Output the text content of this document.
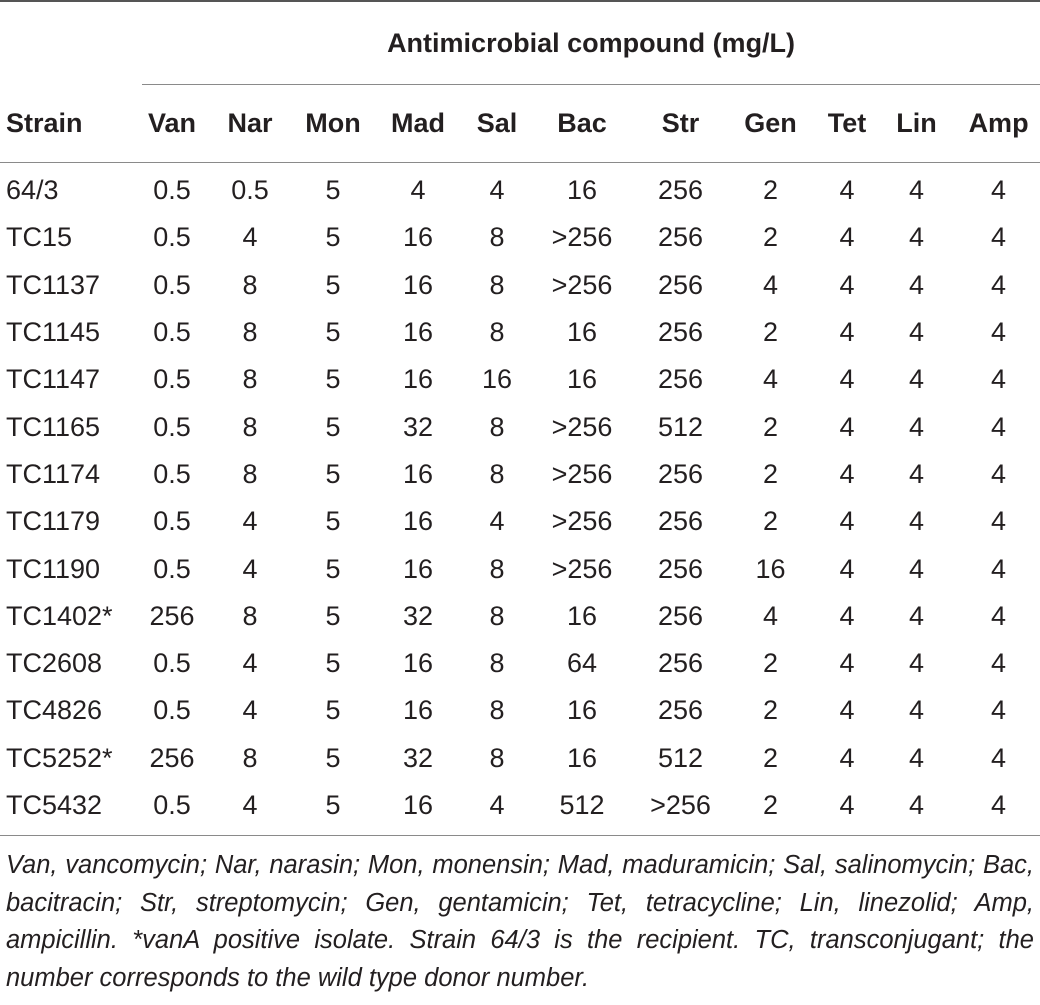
	Antimicrobial compound (mg/L)										
Strain	Van	Nar	Mon	Mad	Sal	Bac	Str	Gen	Tet	Lin	Amp
64/3	0.5	0.5	5	4	4	16	256	2	4	4	4
TC15	0.5	4	5	16	8	>256	256	2	4	4	4
TC1137	0.5	8	5	16	8	>256	256	4	4	4	4
TC1145	0.5	8	5	16	8	16	256	2	4	4	4
TC1147	0.5	8	5	16	16	16	256	4	4	4	4
TC1165	0.5	8	5	32	8	>256	512	2	4	4	4
TC1174	0.5	8	5	16	8	>256	256	2	4	4	4
TC1179	0.5	4	5	16	4	>256	256	2	4	4	4
TC1190	0.5	4	5	16	8	>256	256	16	4	4	4
TC1402*	256	8	5	32	8	16	256	4	4	4	4
TC2608	0.5	4	5	16	8	64	256	2	4	4	4
TC4826	0.5	4	5	16	8	16	256	2	4	4	4
TC5252*	256	8	5	32	8	16	512	2	4	4	4
TC5432	0.5	4	5	16	4	512	>256	2	4	4	4
Van, vancomycin; Nar, narasin; Mon, monensin; Mad, maduramicin; Sal, salinomycin; Bac, bacitracin; Str, streptomycin; Gen, gentamicin; Tet, tetracycline; Lin, linezolid; Amp, ampicillin. *vanA positive isolate. Strain 64/3 is the recipient. TC, transconjugant; the number corresponds to the wild type donor number.
